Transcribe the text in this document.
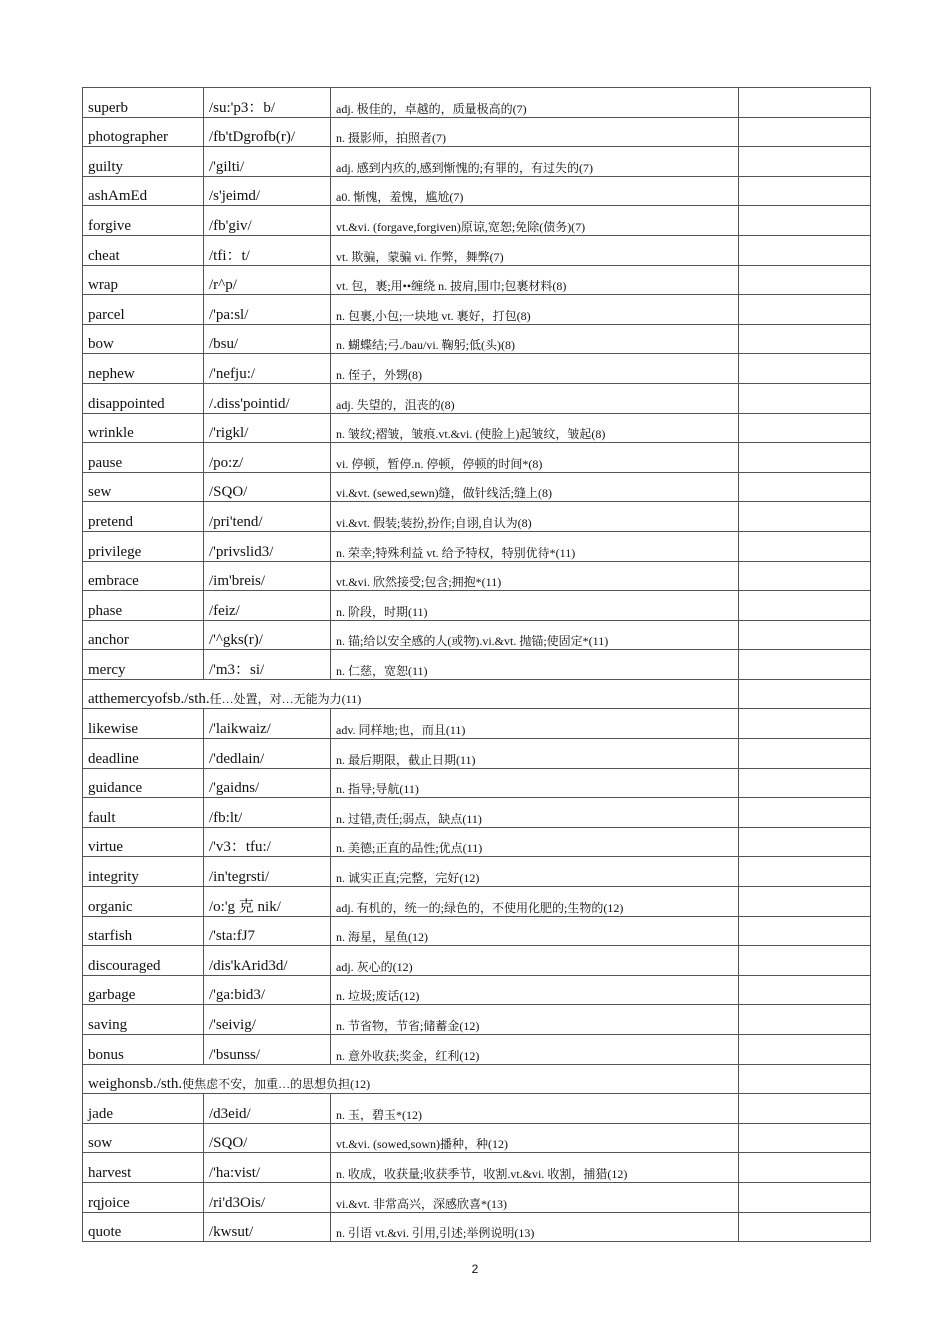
superb	/su:'p3：b/	adj. 极佳的，卓越的，质量极高的(7)	
photographer	/fb'tDgrofb(r)/	n. 摄影师，拍照者(7)	
guilty	/'gilti/	adj. 感到内疚的,感到惭愧的;有罪的，有过失的(7)	
ashAmEd	/s'jeimd/	a0. 惭愧，羞愧，尴尬(7)	
forgive	/fb'giv/	vt.&vi. (forgave,forgiven)原谅,宽恕;免除(债务)(7)	
cheat	/tfi：t/	vt. 欺骗，蒙骗 vi. 作弊，舞弊(7)	
wrap	/r^p/	vt. 包，裹;用••缠绕 n. 披肩,围巾;包裹材料(8)	
parcel	/'pa:sl/	n. 包裹,小包;一块地 vt. 裹好，打包(8)	
bow	/bsu/	n. 蝴蝶结;弓./bau/vi. 鞠躬;低(头)(8)	
nephew	/'nefju:/	n. 侄子，外甥(8)	
disappointed	/.diss'pointid/	adj. 失望的，沮丧的(8)	
wrinkle	/'rigkl/	n. 皱纹;褶皱，皱痕.vt.&vi. (使脸上)起皱纹，皱起(8)	
pause	/po:z/	vi. 停顿，暂停.n. 停顿，停顿的时间*(8)	
sew	/SQO/	vi.&vt. (sewed,sewn)缝，做针线活;缝上(8)	
pretend	/pri'tend/	vi.&vt. 假装;装扮,扮作;自诩,自认为(8)	
privilege	/'privslid3/	n. 荣幸;特殊利益 vt. 给予特权，特别优待*(11)	
embrace	/im'breis/	vt.&vi. 欣然接受;包含;拥抱*(11)	
phase	/feiz/	n. 阶段，时期(11)	
anchor	/'^gks(r)/	n. 锚;给以安全感的人(或物).vi.&vt. 抛锚;使固定*(11)	
mercy	/'m3：si/	n. 仁慈，宽恕(11)	
atthemercyofsb./sth.任…处置，对…无能为力(11)			
likewise	/'laikwaiz/	adv. 同样地;也，而且(11)	
deadline	/'dedlain/	n. 最后期限，截止日期(11)	
guidance	/'gaidns/	n. 指导;导航(11)	
fault	/fb:lt/	n. 过错,责任;弱点，缺点(11)	
virtue	/'v3：tfu:/	n. 美德;正直的品性;优点(11)	
integrity	/in'tegrsti/	n. 诚实正直;完整，完好(12)	
organic	/o:'g 克 nik/	adj. 有机的，统一的;绿色的，不使用化肥的;生物的(12)	
starfish	/'sta:fJ7	n. 海星，星鱼(12)	
discouraged	/dis'kArid3d/	adj. 灰心的(12)	
garbage	/'ga:bid3/	n. 垃圾;废话(12)	
saving	/'seivig/	n. 节省物，节省;储蓄金(12)	
bonus	/'bsunss/	n. 意外收获;奖金，红利(12)	
weighonsb./sth.使焦虑不安，加重…的思想负担(12)			
jade	/d3eid/	n. 玉，碧玉*(12)	
sow	/SQO/	vt.&vi. (sowed,sown)播种，种(12)	
harvest	/'ha:vist/	n. 收成，收获量;收获季节，收割.vt.&vi. 收割，捕猎(12)	
rqjoice	/ri'd3Ois/	vi.&vt. 非常高兴，深感欣喜*(13)	
quote	/kwsut/	n. 引语 vt.&vi. 引用,引述;举例说明(13)	
2
